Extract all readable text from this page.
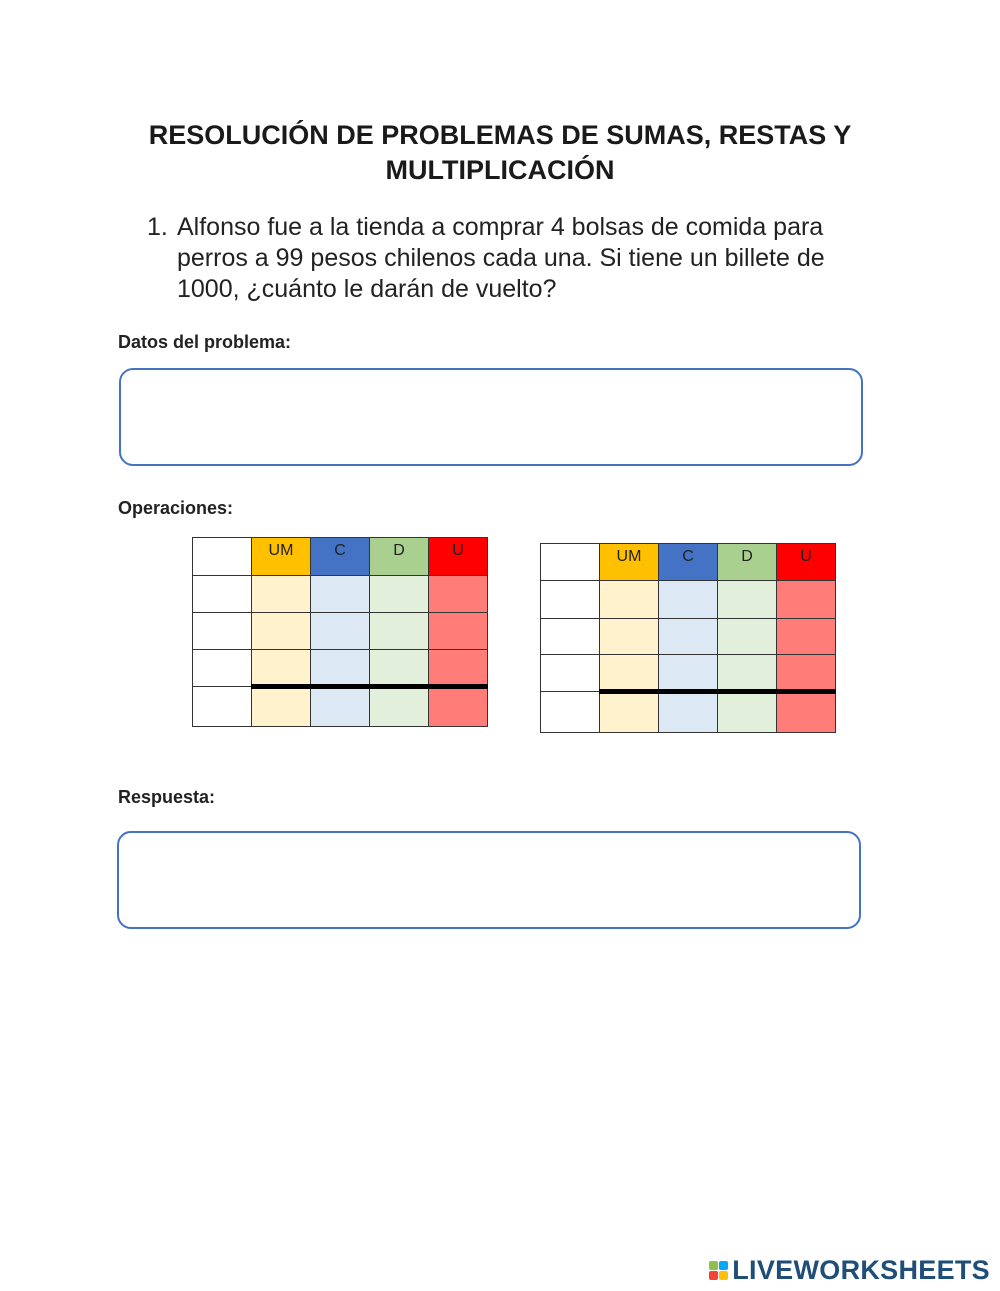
RESOLUCIÓN DE PROBLEMAS DE SUMAS, RESTAS Y
MULTIPLICACIÓN
1. Alfonso fue a la tienda a comprar 4 bolsas de comida para perros a 99 pesos chilenos cada una. Si tiene un billete de 1000, ¿cuánto le darán de vuelto?
Datos del problema:
Operaciones:
	UM	C	D	U

		UM	C	D	U

Respuesta:
LIVEWORKSHEETS
